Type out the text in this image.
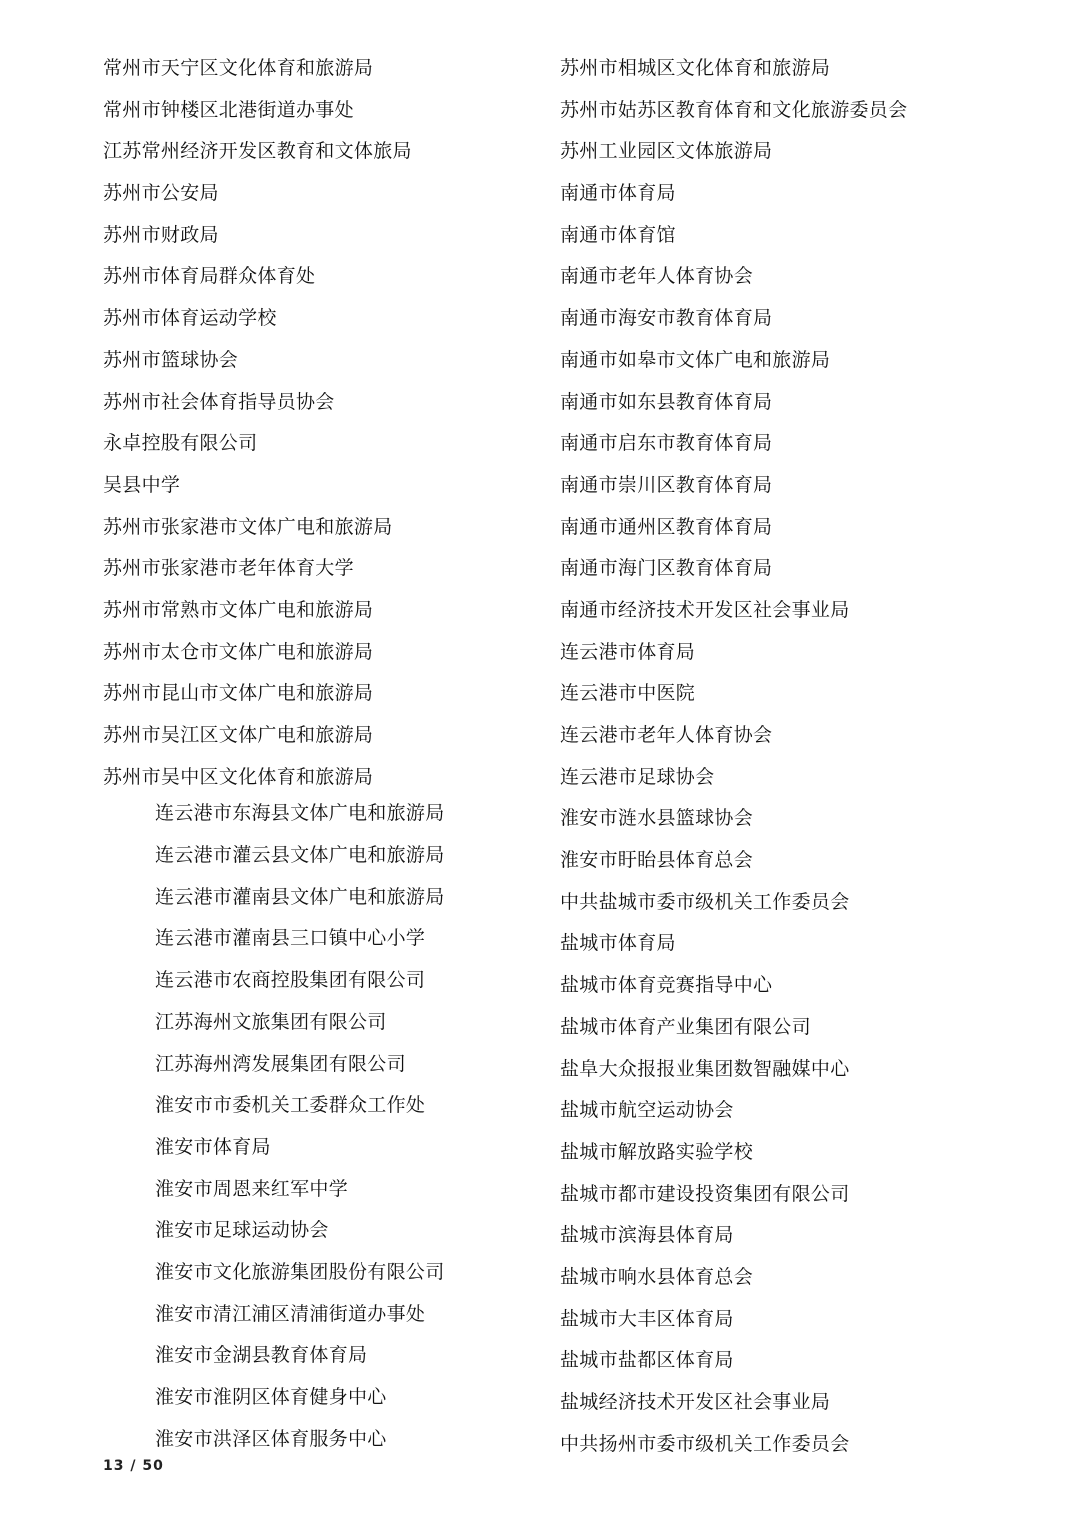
常州市天宁区文化体育和旅游局
常州市钟楼区北港街道办事处
江苏常州经济开发区教育和文体旅局
苏州市公安局
苏州市财政局
苏州市体育局群众体育处
苏州市体育运动学校
苏州市篮球协会
苏州市社会体育指导员协会
永卓控股有限公司
吴县中学
苏州市张家港市文体广电和旅游局
苏州市张家港市老年体育大学
苏州市常熟市文体广电和旅游局
苏州市太仓市文体广电和旅游局
苏州市昆山市文体广电和旅游局
苏州市吴江区文体广电和旅游局
苏州市吴中区文化体育和旅游局
连云港市东海县文体广电和旅游局
连云港市灌云县文体广电和旅游局
连云港市灌南县文体广电和旅游局
连云港市灌南县三口镇中心小学
连云港市农商控股集团有限公司
江苏海州文旅集团有限公司
江苏海州湾发展集团有限公司
淮安市市委机关工委群众工作处
淮安市体育局
淮安市周恩来红军中学
淮安市足球运动协会
淮安市文化旅游集团股份有限公司
淮安市清江浦区清浦街道办事处
淮安市金湖县教育体育局
淮安市淮阴区体育健身中心
淮安市洪泽区体育服务中心
苏州市相城区文化体育和旅游局
苏州市姑苏区教育体育和文化旅游委员会
苏州工业园区文体旅游局
南通市体育局
南通市体育馆
南通市老年人体育协会
南通市海安市教育体育局
南通市如皋市文体广电和旅游局
南通市如东县教育体育局
南通市启东市教育体育局
南通市崇川区教育体育局
南通市通州区教育体育局
南通市海门区教育体育局
南通市经济技术开发区社会事业局
连云港市体育局
连云港市中医院
连云港市老年人体育协会
连云港市足球协会
淮安市涟水县篮球协会
淮安市盱眙县体育总会
中共盐城市委市级机关工作委员会
盐城市体育局
盐城市体育竞赛指导中心
盐城市体育产业集团有限公司
盐阜大众报报业集团数智融媒中心
盐城市航空运动协会
盐城市解放路实验学校
盐城市都市建设投资集团有限公司
盐城市滨海县体育局
盐城市响水县体育总会
盐城市大丰区体育局
盐城市盐都区体育局
盐城经济技术开发区社会事业局
中共扬州市委市级机关工作委员会
13 / 50
